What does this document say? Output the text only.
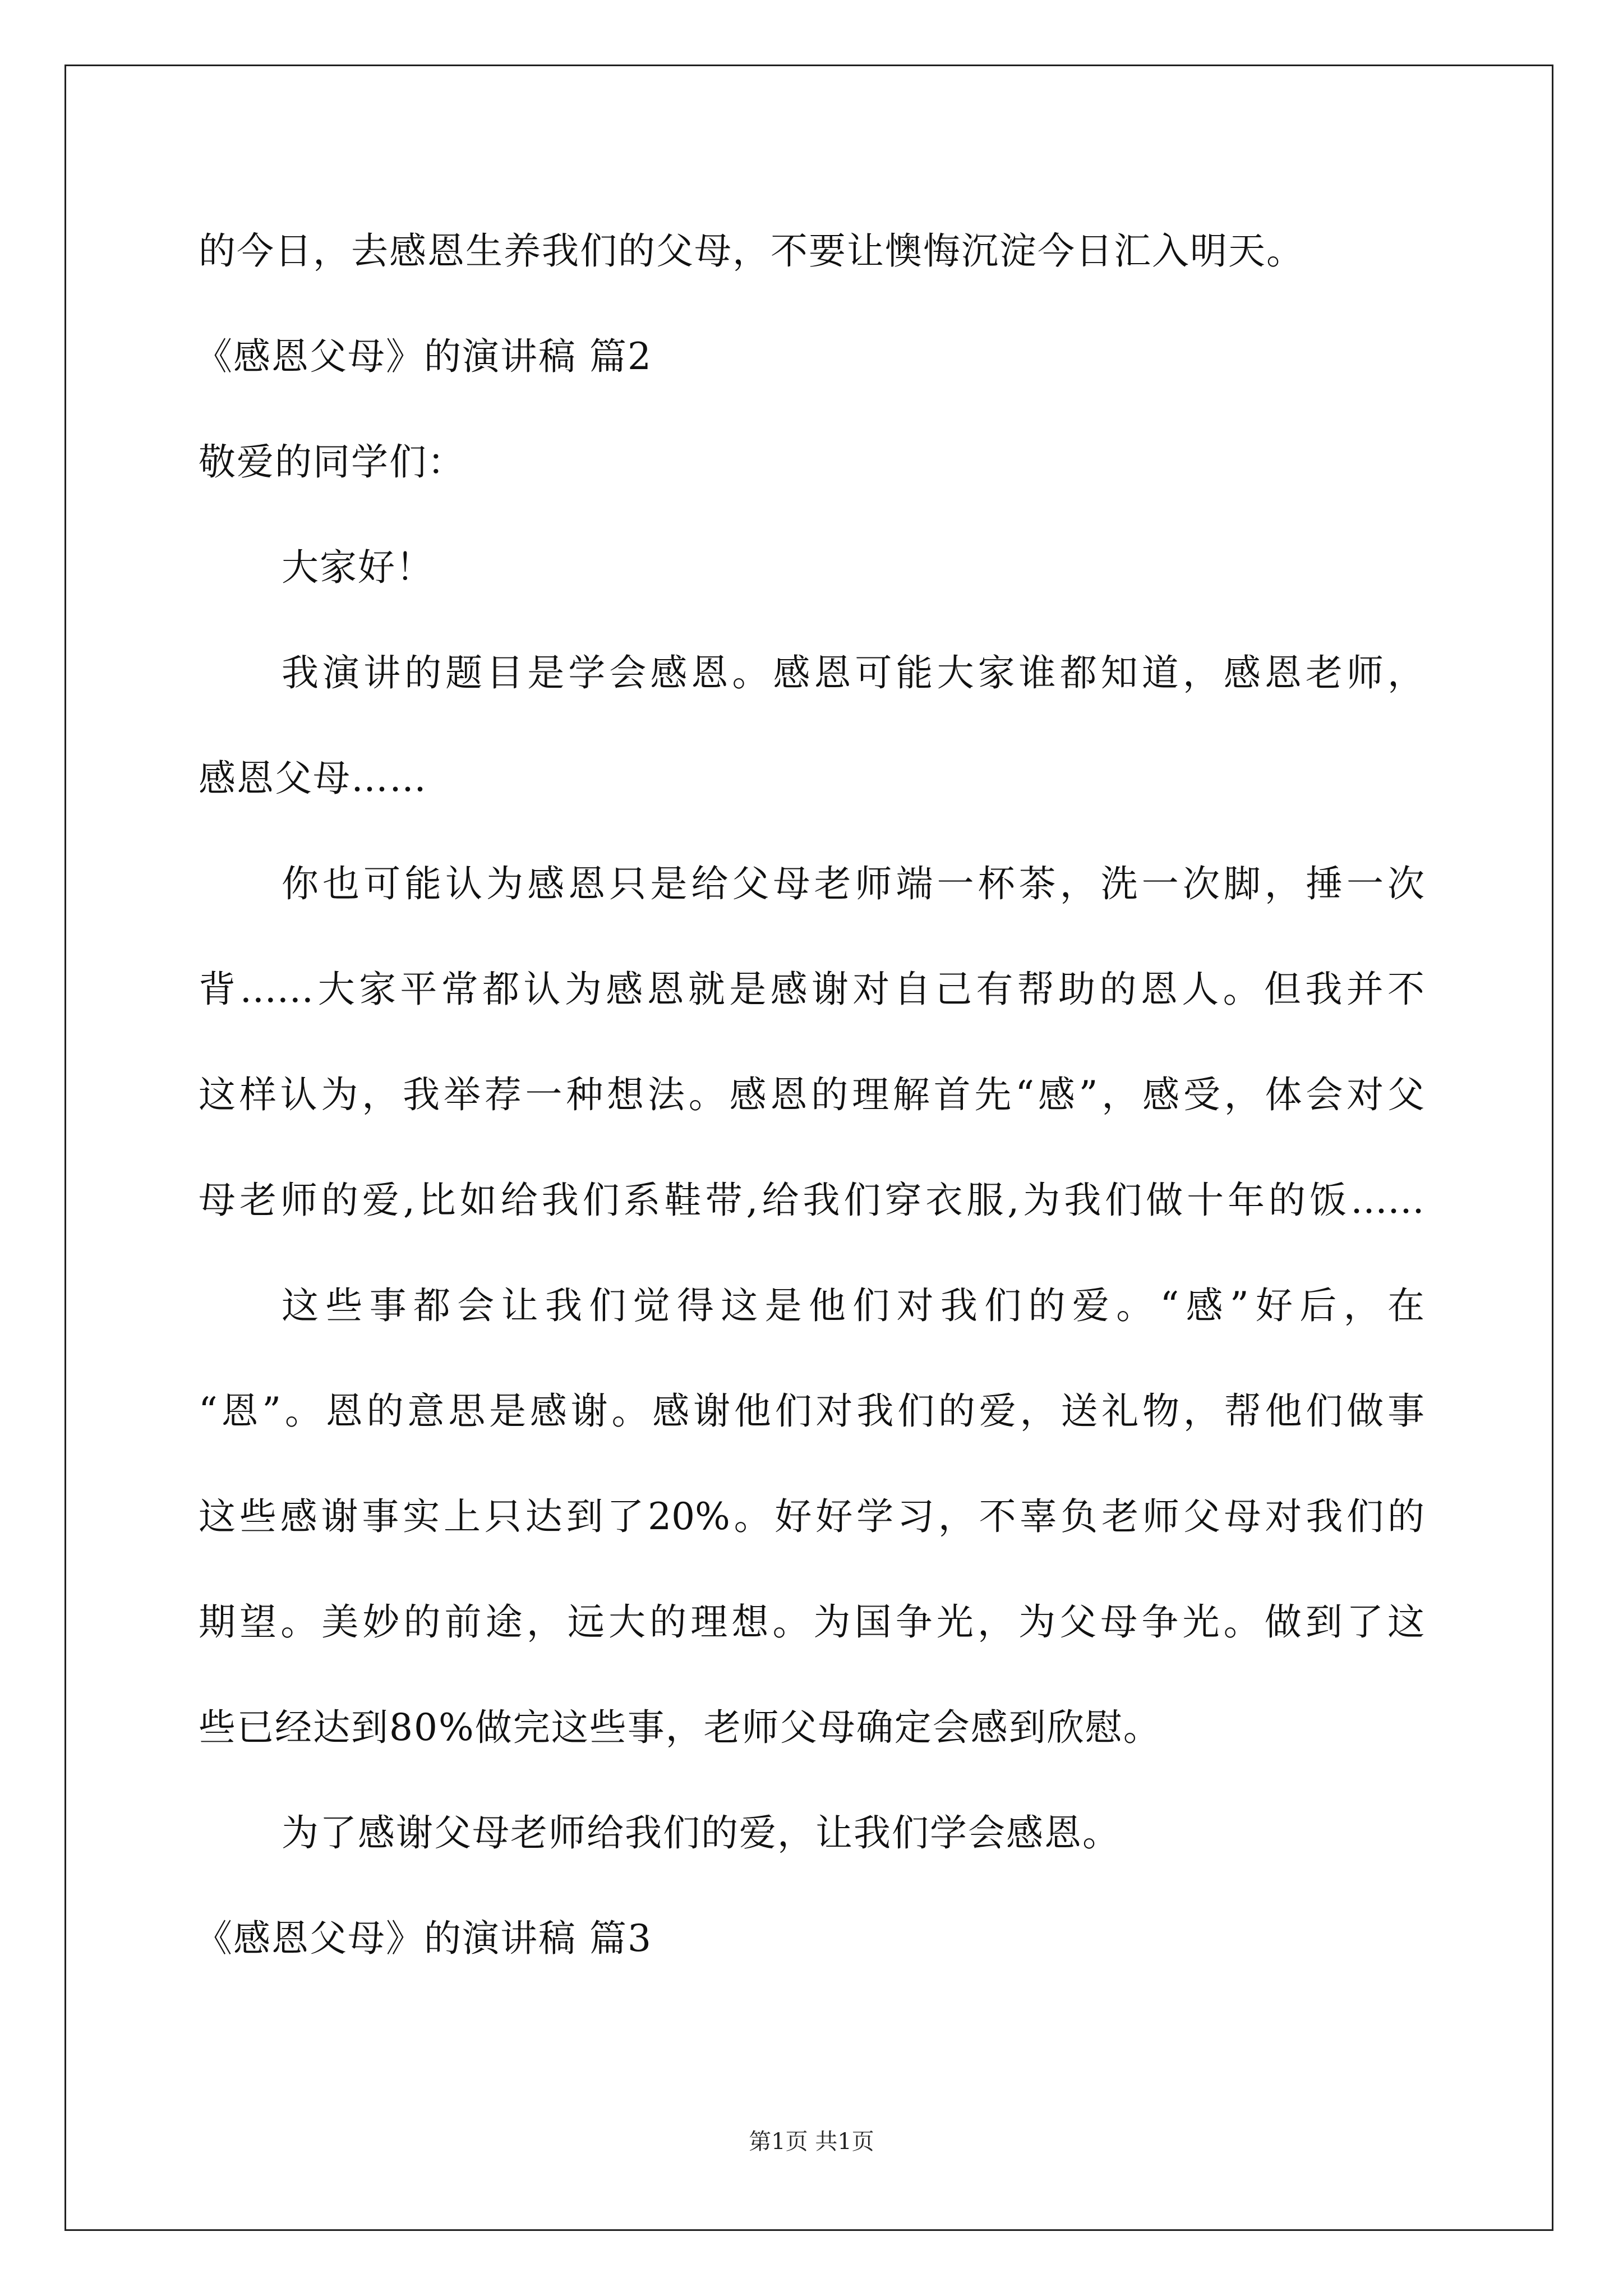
的今日，去感恩生养我们的父母，不要让懊悔沉淀今日汇入明天。
《感恩父母》的演讲稿 篇2
敬爱的同学们：
大家好！
我演讲的题目是学会感恩。感恩可能大家谁都知道，感恩老师，
感恩父母……
你也可能认为感恩只是给父母老师端一杯茶，洗一次脚，捶一次
背……大家平常都认为感恩就是感谢对自己有帮助的恩人。但我并不
这样认为，我举荐一种想法。感恩的理解首先“感”，感受，体会对父
母老师的爱,比如给我们系鞋带,给我们穿衣服,为我们做十年的饭……
这些事都会让我们觉得这是他们对我们的爱。“感”好后，在
“恩”。恩的意思是感谢。感谢他们对我们的爱，送礼物，帮他们做事
这些感谢事实上只达到了20%。好好学习，不辜负老师父母对我们的
期望。美妙的前途，远大的理想。为国争光，为父母争光。做到了这
些已经达到80%做完这些事，老师父母确定会感到欣慰。
为了感谢父母老师给我们的爱，让我们学会感恩。
《感恩父母》的演讲稿 篇3
第1页 共1页
